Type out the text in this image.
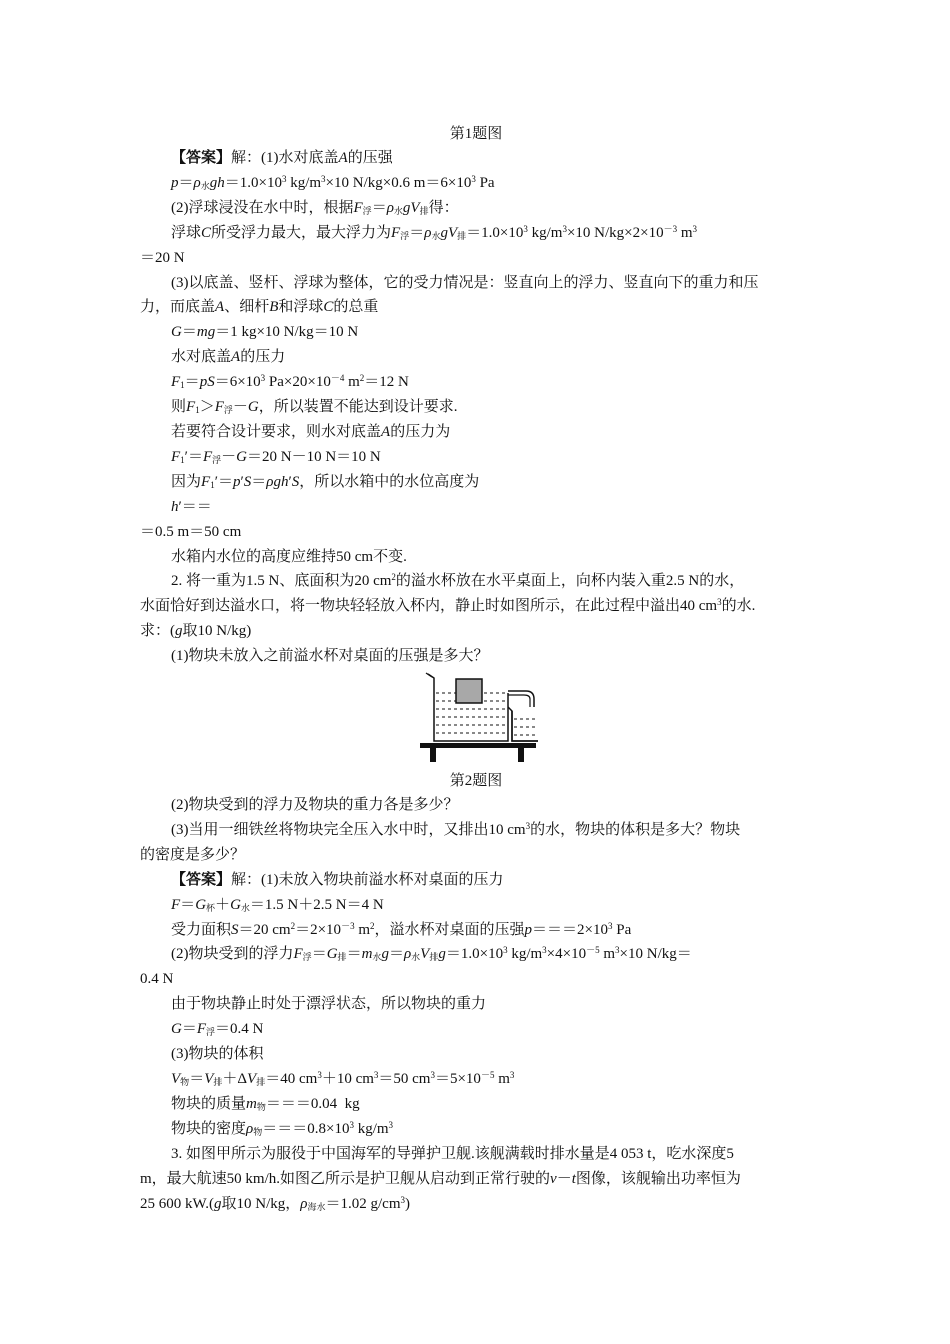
第1题图
【答案】解：(1)水对底盖A的压强
$p=\rho_水gh=1.0\times 10^3$ $kg/m^3\times 10$ N/kg×0.6 $m=6\times 10^3$ Pa
(2)浮球浸没在水中时，根据$F_浮=\rho_水gV_排$得：
浮球C所受浮力最大，最大浮力为$F_浮=\rho_水gV_排=1.0\times 10^3$ $kg/m^3\times 10$ $N/kg\times 2\times 10^{-3}$ $m^3$
＝20 N
(3)以底盖、竖杆、浮球为整体，它的受力情况是：竖直向上的浮力、竖直向下的重力和压
力，而底盖A、细杆B和浮球C的总重
G＝mg＝1 kg×10 N/kg＝10 N
水对底盖A的压力
$F_1=pS=6\times 10^3$ $Pa\times 20\times 10^{-4}$ $m^2=12$ N
则$F_1>F_浮-G$，所以装置不能达到设计要求.
若要符合设计要求，则水对底盖A的压力为
$F_1'=F_浮-G=20$ N－10 N＝10 N
因为$F_1'=p'S=\rho gh'S$，所以水箱中的水位高度为
h′＝＝
＝0.5 m＝50 cm
水箱内水位的高度应维持50 cm不变.
2. 将一重为1.5 N、底面积为20 $cm^2$的溢水杯放在水平桌面上，向杯内装入重2.5 N的水，
水面恰好到达溢水口，将一物块轻轻放入杯内，静止时如图所示，在此过程中溢出40 $cm^3$的水.
求：(g取10 N/kg)
(1)物块未放入之前溢水杯对桌面的压强是多大？
第2题图
(2)物块受到的浮力及物块的重力各是多少？
(3)当用一细铁丝将物块完全压入水中时，又排出10 $cm^3$的水，物块的体积是多大？物块
的密度是多少？
【答案】解：(1)未放入物块前溢水杯对桌面的压力
$F=G_杯+G_水=1.5$ N＋2.5 N＝4 N
受力面积S＝20 $cm^2=2\times 10^{-3}$ $m^2$，溢水杯对桌面的压强$p===2\times 10^3$ Pa
(2)物块受到的浮力$F_浮=G_排=m_水g=\rho_水V_排g=1.0\times 10^3$ $kg/m^3\times 4\times 10^{-5}$ $m^3\times 10$ N/kg＝
0.4 N
由于物块静止时处于漂浮状态，所以物块的重力
$G=F_浮=0.4$ N
(3)物块的体积
$V_物=V_排+\Delta V_排=40$ $cm^3+10$ $cm^3=50$ $cm^3=5\times 10^{-5}$ $m^3$
物块的质量$m_物===0.04$  kg
物块的密度$\rho_物===0.8\times 10^3$ $kg/m^3$
3. 如图甲所示为服役于中国海军的导弹护卫舰.该舰满载时排水量是4 053 t，吃水深度5
m，最大航速50 km/h.如图乙所示是护卫舰从启动到正常行驶的v－t图像，该舰输出功率恒为
25 600 kW.(g取10 N/kg，$\rho_{海水}=1.02$ $g/cm^3$)
